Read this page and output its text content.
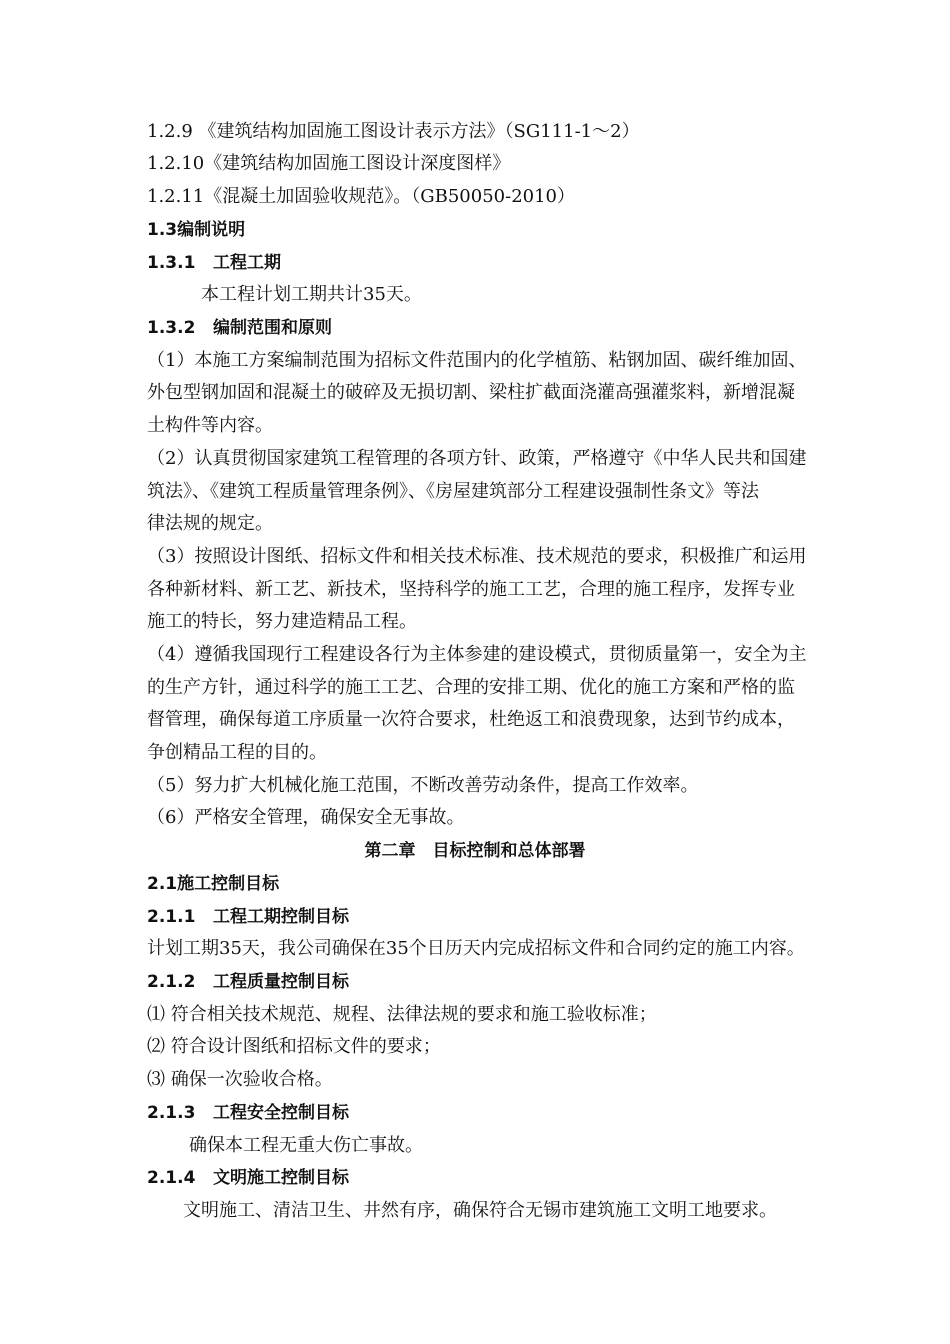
1.2.9 《建筑结构加固施工图设计表示方法》（SG111-1～2）
1.2.10《建筑结构加固施工图设计深度图样》
1.2.11《混凝土加固验收规范》。（GB50050-2010）
1.3编制说明
1.3.1 工程工期
本工程计划工期共计35天。
1.3.2 编制范围和原则
（1）本施工方案编制范围为招标文件范围内的化学植筋、粘钢加固、碳纤维加固、
外包型钢加固和混凝土的破碎及无损切割、梁柱扩截面浇灌高强灌浆料，新增混凝
土构件等内容。
（2）认真贯彻国家建筑工程管理的各项方针、政策，严格遵守《中华人民共和国建
筑法》、《建筑工程质量管理条例》、《房屋建筑部分工程建设强制性条文》等法
律法规的规定。
（3）按照设计图纸、招标文件和相关技术标准、技术规范的要求，积极推广和运用
各种新材料、新工艺、新技术，坚持科学的施工工艺，合理的施工程序，发挥专业
施工的特长，努力建造精品工程。
（4）遵循我国现行工程建设各行为主体参建的建设模式，贯彻质量第一，安全为主
的生产方针，通过科学的施工工艺、合理的安排工期、优化的施工方案和严格的监
督管理，确保每道工序质量一次符合要求，杜绝返工和浪费现象，达到节约成本，
争创精品工程的目的。
（5）努力扩大机械化施工范围，不断改善劳动条件，提高工作效率。
（6）严格安全管理，确保安全无事故。
第二章　目标控制和总体部署
2.1施工控制目标
2.1.1 工程工期控制目标
计划工期35天，我公司确保在35个日历天内完成招标文件和合同约定的施工内容。
2.1.2 工程质量控制目标
⑴ 符合相关技术规范、规程、法律法规的要求和施工验收标准；
⑵ 符合设计图纸和招标文件的要求；
⑶ 确保一次验收合格。
2.1.3 工程安全控制目标
确保本工程无重大伤亡事故。
2.1.4 文明施工控制目标
文明施工、清洁卫生、井然有序，确保符合无锡市建筑施工文明工地要求。
